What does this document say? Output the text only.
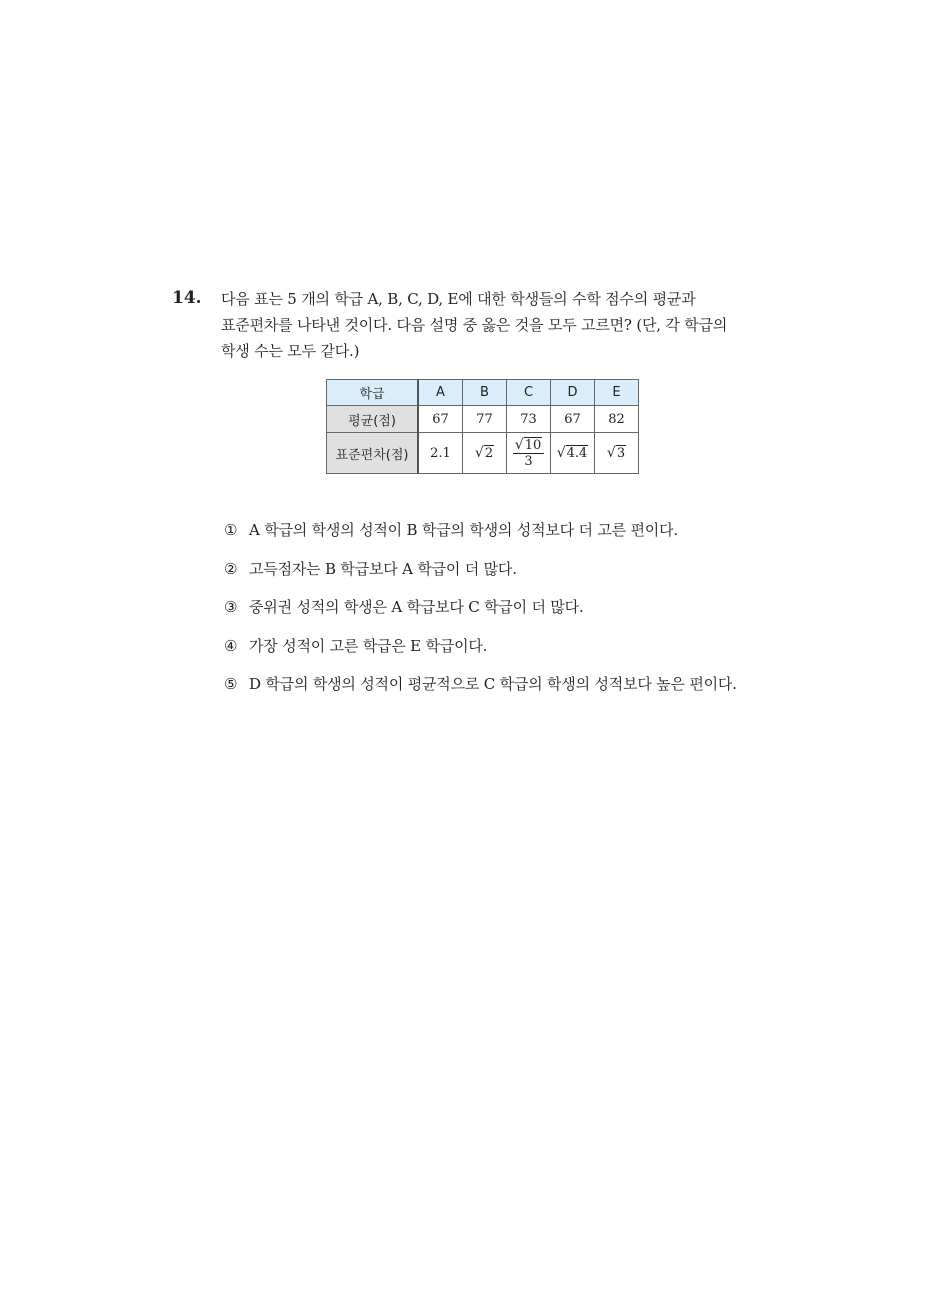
14. 다음 표는 5 개의 학급 A, B, C, D, E에 대한 학생들의 수학 점수의 평균과
표준편차를 나타낸 것이다. 다음 설명 중 옳은 것을 모두 고르면? (단, 각 학급의
학생 수는 모두 같다.)
학급	A	B	C	D	E
평균(점)	67	77	73	67	82
표준편차(점)	2.1	√2	$\frac{√10}{3}$	√4.4	√3
① A 학급의 학생의 성적이 B 학급의 학생의 성적보다 더 고른 편이다.
② 고득점자는 B 학급보다 A 학급이 더 많다.
③ 중위권 성적의 학생은 A 학급보다 C 학급이 더 많다.
④ 가장 성적이 고른 학급은 E 학급이다.
⑤ D 학급의 학생의 성적이 평균적으로 C 학급의 학생의 성적보다 높은 편이다.
